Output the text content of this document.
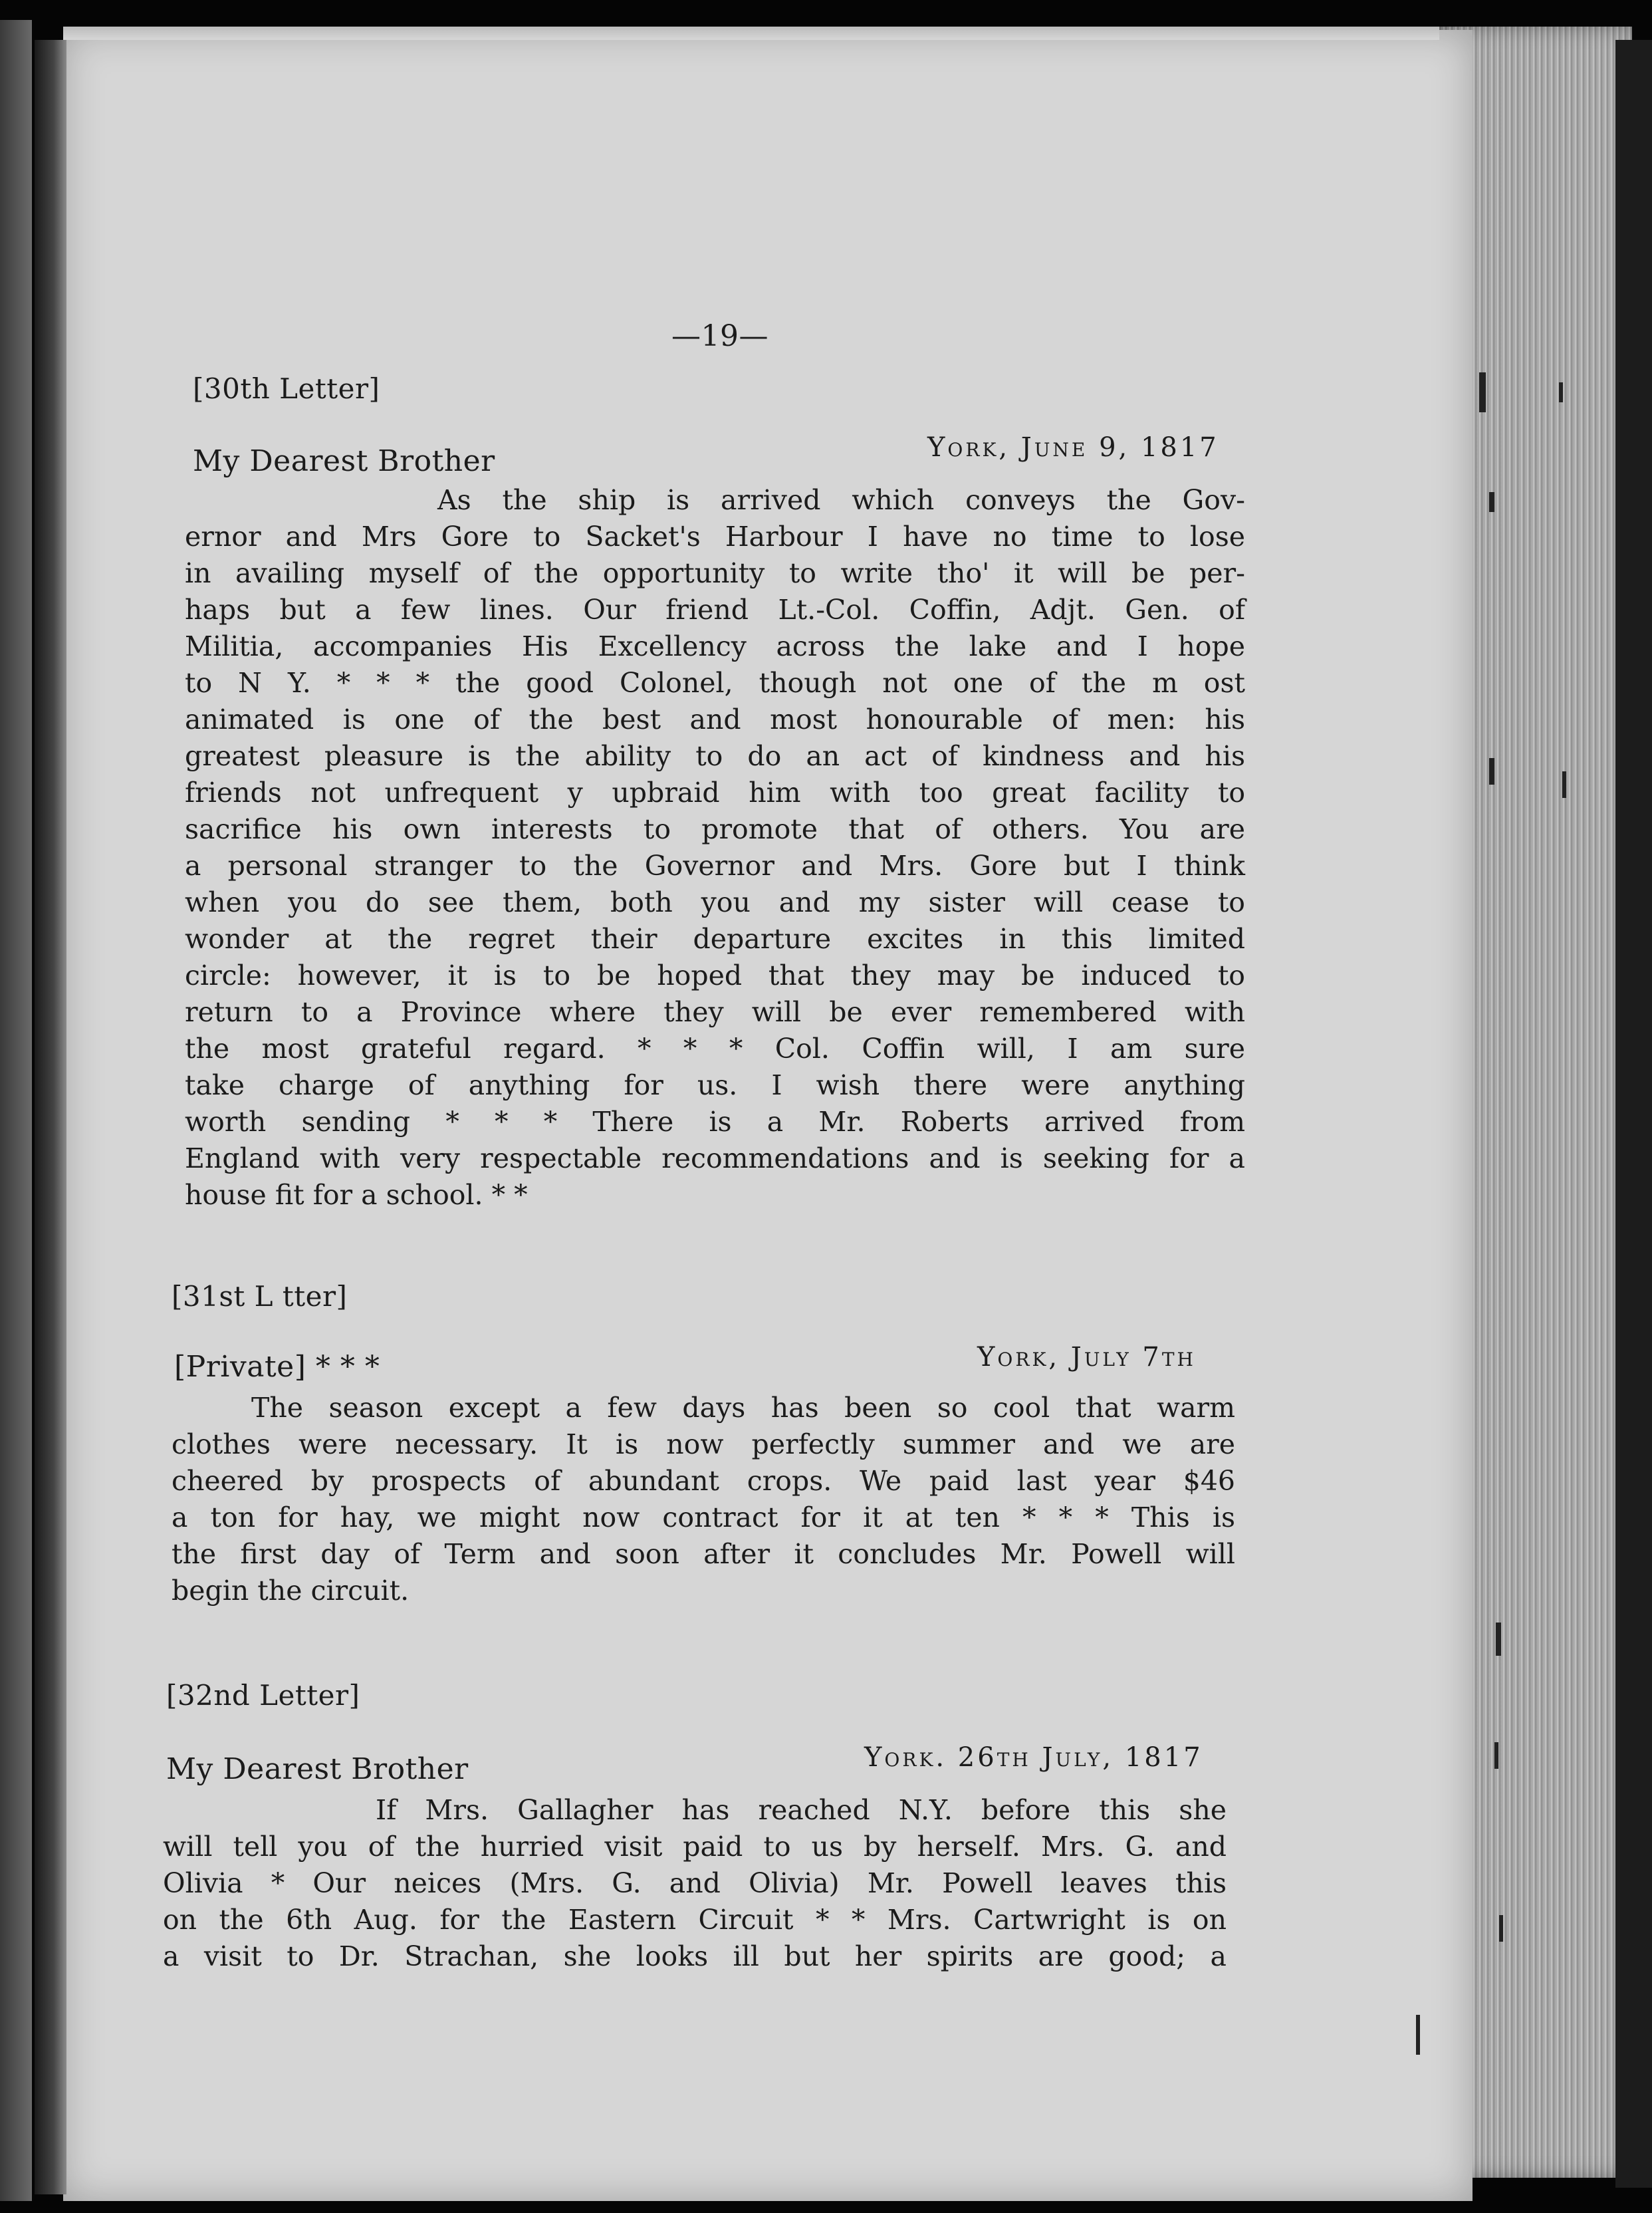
—19—
[30th Letter]
My Dearest Brother	York, June 9, 1817
As the ship is arrived which conveys the Gov-
ernor and Mrs Gore to Sacket's Harbour I have no time to lose
in availing myself of the opportunity to write tho' it will be per-
haps but a few lines. Our friend Lt.-Col. Coffin, Adjt. Gen. of
Militia, accompanies His Excellency across the lake and I hope
to N Y. * * * the good Colonel, though not one of the m ost
animated is one of the best and most honourable of men: his
greatest pleasure is the ability to do an act of kindness and his
friends not unfrequent y upbraid him with too great facility to
sacrifice his own interests to promote that of others. You are
a personal stranger to the Governor and Mrs. Gore but I think
when you do see them, both you and my sister will cease to
wonder at the regret their departure excites in this limited
circle: however, it is to be hoped that they may be induced to
return to a Province where they will be ever remembered with
the most grateful regard. * * * Col. Coffin will, I am sure
take charge of anything for us. I wish there were anything
worth sending * * * There is a Mr. Roberts arrived from
England with very respectable recommendations and is seeking for a
house fit for a school. * *
[31st L tter]
[Private] * * *	York, July 7th
The season except a few days has been so cool that warm
clothes were necessary. It is now perfectly summer and we are
cheered by prospects of abundant crops. We paid last year $46
a ton for hay, we might now contract for it at ten * * * This is
the first day of Term and soon after it concludes Mr. Powell will
begin the circuit.
[32nd Letter]
My Dearest Brother	York. 26th July, 1817
If Mrs. Gallagher has reached N.Y. before this she
will tell you of the hurried visit paid to us by herself. Mrs. G. and
Olivia * Our neices (Mrs. G. and Olivia) Mr. Powell leaves this
on the 6th Aug. for the Eastern Circuit * * Mrs. Cartwright is on
a visit to Dr. Strachan, she looks ill but her spirits are good; a
